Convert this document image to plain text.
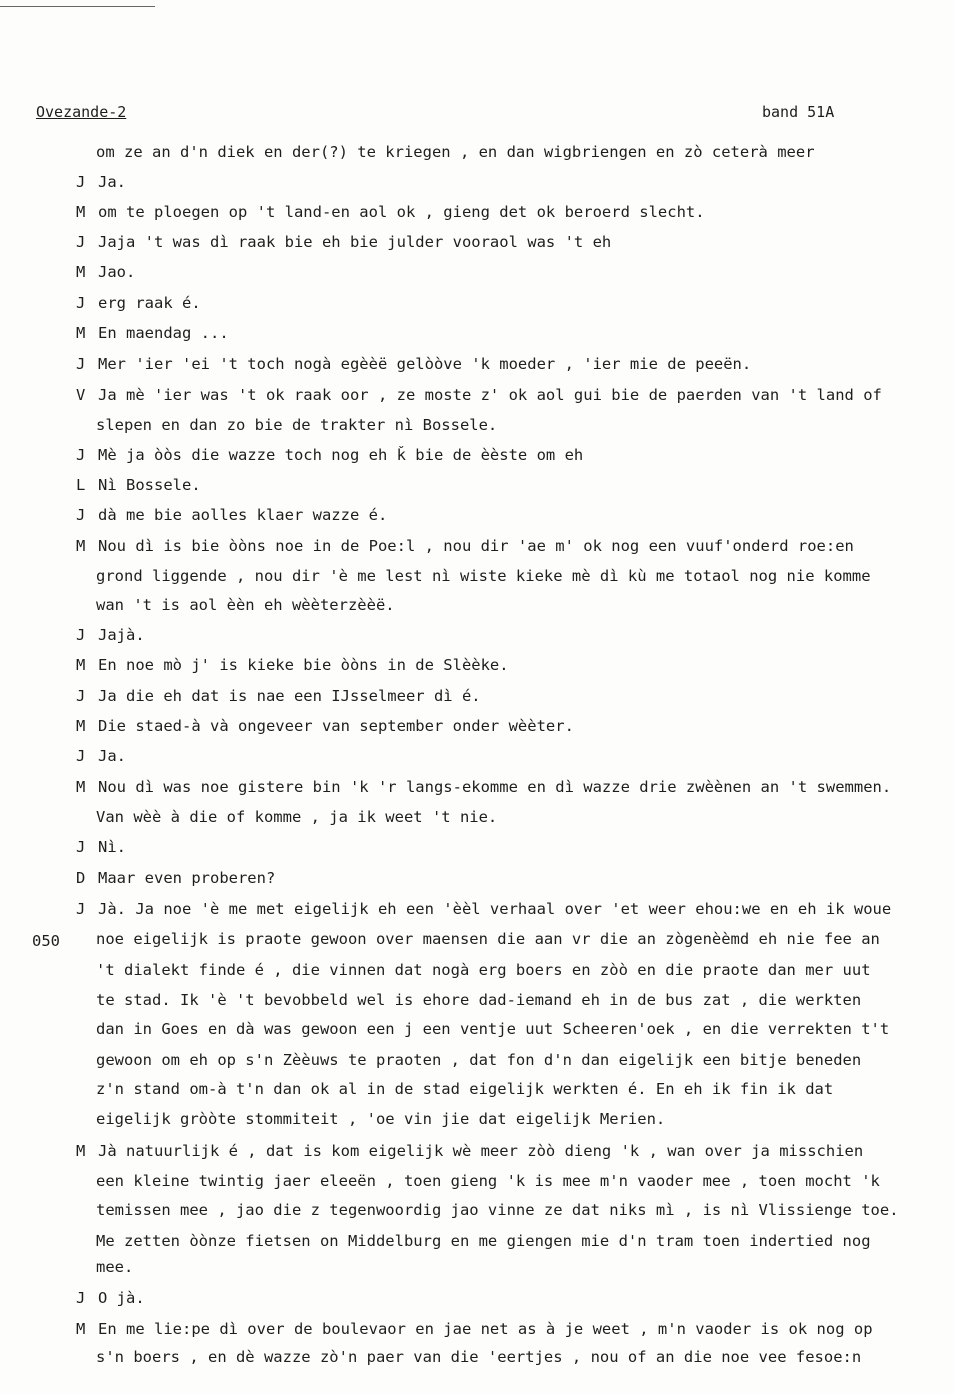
Ovezande-2	band 51A
050
om ze an d'n diek en der(?) te kriegen , en dan wigbriengen en zò ceterà meer
J Ja.
M om te ploegen op 't land-en aol ok , gieng det ok beroerd slecht.
J Jaja 't was dì raak bie eh bie julder vooraol was 't eh
M Jao.
J erg raak é.
M En maendag ...
J Mer 'ier 'ei 't toch nogà egèèë gelòòve 'k moeder , 'ier mie de peeën.
V Ja mè 'ier was 't ok raak oor , ze moste z' ok aol gui bie de paerden van 't land of
slepen en dan zo bie de trakter nì Bossele.
J Mè ja òòs die wazze toch nog eh ǩ bie de èèste om eh
L Nì Bossele.
J dà me bie aolles klaer wazze é.
M Nou dì is bie òòns noe in de Poe:l , nou dir 'ae m' ok nog een vuuf'onderd roe:en
grond liggende , nou dir 'è me lest nì wiste kieke mè dì kù me totaol nog nie komme
wan 't is aol èèn eh wèèterzèèë.
J Jajà.
M En noe mò j' is kieke bie òòns in de Slèèke.
J Ja die eh dat is nae een IJsselmeer dì é.
M Die staed-à và ongeveer van september onder wèèter.
J Ja.
M Nou dì was noe gistere bin 'k 'r langs-ekomme en dì wazze drie zwèènen an 't swemmen.
Van wèè à die of komme , ja ik weet 't nie.
J Nì.
D Maar even proberen?
J Jà. Ja noe 'è me met eigelijk eh een 'èèl verhaal over 'et weer ehou:we en eh ik woue
noe eigelijk is praote gewoon over maensen die aan vr die an zògenèèmd eh nie fee an
't dialekt finde é , die vinnen dat nogà erg boers en zòò en die praote dan mer uut
te stad. Ik 'è 't bevobbeld wel is ehore dad-iemand eh in de bus zat , die werkten
dan in Goes en dà was gewoon een j een ventje uut Scheeren'oek , en die verrekten t't
gewoon om eh op s'n Zèèuws te praoten , dat fon d'n dan eigelijk een bitje beneden
z'n stand om-à t'n dan ok al in de stad eigelijk werkten é. En eh ik fin ik dat
eigelijk gròòte stommiteit , 'oe vin jie dat eigelijk Merien.
M Jà natuurlijk é , dat is kom eigelijk wè meer zòò dieng 'k , wan over ja misschien
een kleine twintig jaer eleeën , toen gieng 'k is mee m'n vaoder mee , toen mocht 'k
temissen mee , jao die z tegenwoordig jao vinne ze dat niks mì , is nì Vlissienge toe.
Me zetten òònze fietsen on Middelburg en me giengen mie d'n tram toen indertied nog
mee.
J O jà.
M En me lie:pe dì over de boulevaor en jae net as à je weet , m'n vaoder is ok nog op
s'n boers , en dè wazze zò'n paer van die 'eertjes , nou of an die noe vee fesoe:n
